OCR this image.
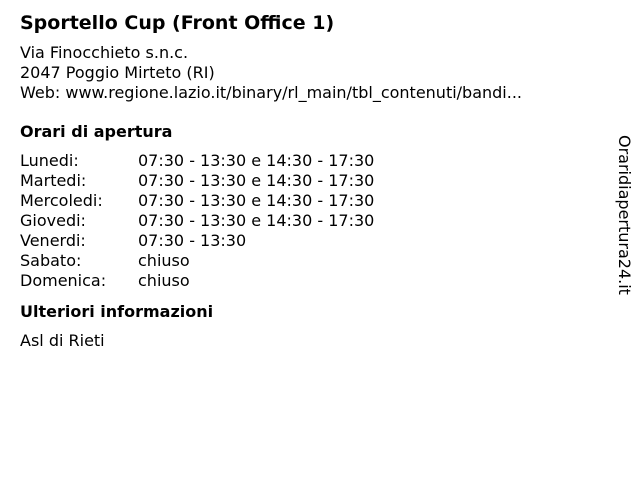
Sportello Cup (Front Office 1)
Via Finocchieto s.n.c.
2047 Poggio Mirteto (RI)
Web: www.regione.lazio.it/binary/rl_main/tbl_contenuti/bandi...
Orari di apertura
Lunedi:	07:30 - 13:30 e 14:30 - 17:30
Martedi:	07:30 - 13:30 e 14:30 - 17:30
Mercoledi:	07:30 - 13:30 e 14:30 - 17:30
Giovedi:	07:30 - 13:30 e 14:30 - 17:30
Venerdi:	07:30 - 13:30
Sabato:	chiuso
Domenica:	chiuso
Ulteriori informazioni
Asl di Rieti
Oraridiapertura24.it
